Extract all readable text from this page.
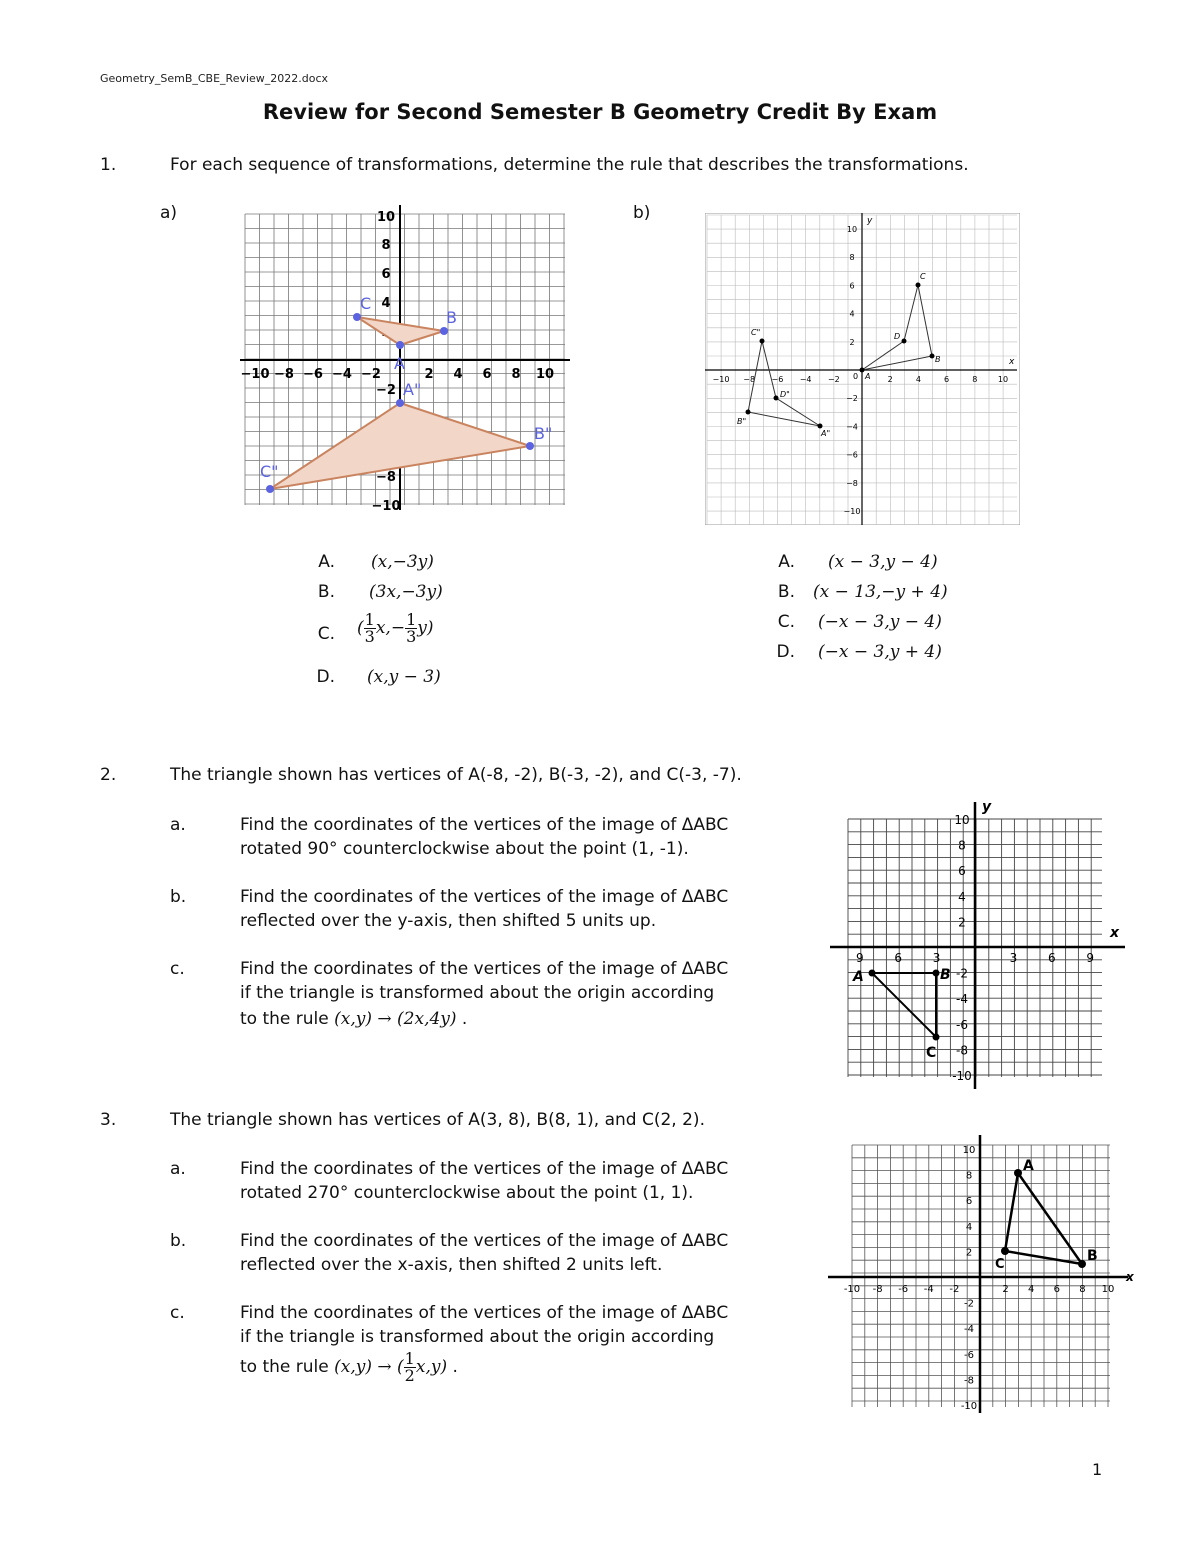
Geometry_SemB_CBE_Review_2022.docx
Review for Second Semester B Geometry Credit By Exam
1.	For each sequence of transformations, determine the rule that describes the transformations.
a)	b)
−10 −8 −6 −4 −2	2 4 6 8 10
8
6
4
−2
−8
−10
10
A
B
C
A"
B"
C"
A. (x,−3y)
B. (3x,−3y)
C. ( $\frac{1}{3} x,- \frac{1}{3} y$)
D. (x,y − 3)
−10 −8 −6 −4 −2	2	4	6	8	10
10
8
6
4
2
−2
−4
−6
−8
−10
x
y
A
B
C
D
A"
B"
C"
D"
0
A. (x − 3,y − 4)
B. (x − 13,−y + 4)
C. (−x − 3,y − 4)
D. (−x − 3,y + 4)
2.	The triangle shown has vertices of A(-8, -2), B(-3, -2), and C(-3, -7).
a.	Find the coordinates of the vertices of the image of ΔABC
rotated 90° counterclockwise about the point (1, -1).
b.	Find the coordinates of the vertices of the image of ΔABC
reflected over the y-axis, then shifted 5 units up.
c.	Find the coordinates of the vertices of the image of ΔABC
if the triangle is transformed about the origin according
to the rule (x,y) → (2x,4y) .
9	6	3	3	6	9
10
8
6
4
2
-2
-4
-6
-8
-10
x
y
A	B
C
3.	The triangle shown has vertices of A(3, 8), B(8, 1), and C(2, 2).
a.	Find the coordinates of the vertices of the image of ΔABC
rotated 270° counterclockwise about the point (1, 1).
b.	Find the coordinates of the vertices of the image of ΔABC
reflected over the x-axis, then shifted 2 units left.
c.	Find the coordinates of the vertices of the image of ΔABC
if the triangle is transformed about the origin according
to the rule (x,y) → ( $\frac{1}{2} x,y$) .
-10 -8 -6 -4 -2	2 4 6 8 10
10
8
6
4
2
-2
-4
-6
-8
-10
x
A
B
C
1
